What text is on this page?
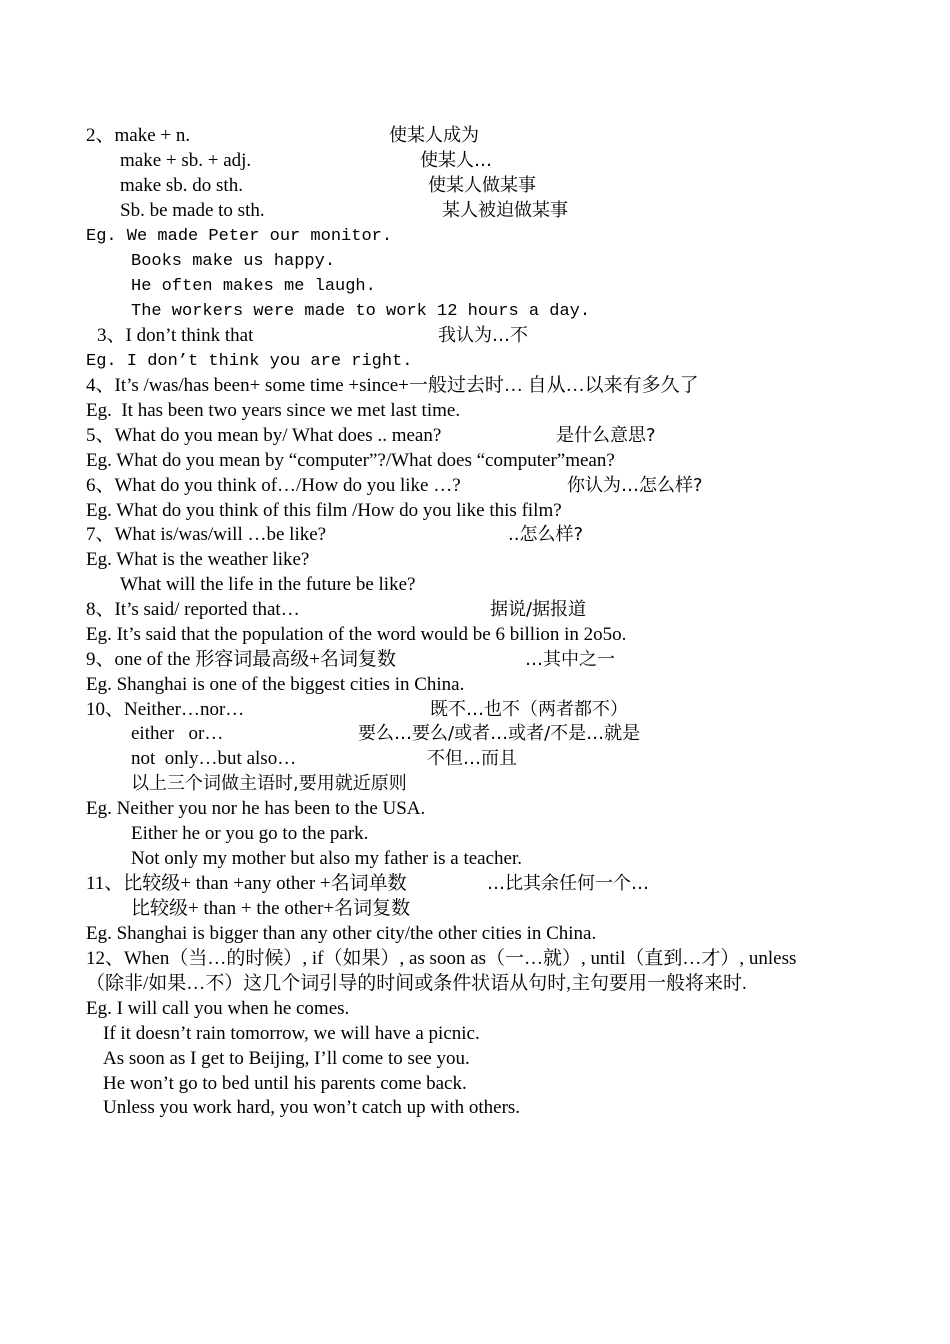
2、make + n.	使某人成为
make + sb. + adj.	使某人…
make sb. do sth.	使某人做某事
Sb. be made to sth.	某人被迫做某事
Eg. We made Peter our monitor.
Books make us happy.
He often makes me laugh.
The workers were made to work 12 hours a day.
3、I don’t think that	我认为…不
Eg. I don’t think you are right.
4、It’s /was/has been+ some time +since+一般过去时… 自从…以来有多久了
Eg.  It has been two years since we met last time.
5、What do you mean by/ What does .. mean?	是什么意思?
Eg. What do you mean by “computer”?/What does “computer”mean?
6、What do you think of…/How do you like …?	你认为…怎么样?
Eg. What do you think of this film /How do you like this film?
7、What is/was/will …be like?	..怎么样?
Eg. What is the weather like?
What will the life in the future be like?
8、It’s said/ reported that…	据说/据报道
Eg. It’s said that the population of the word would be 6 billion in 2o5o.
9、one of the 形容词最高级+名词复数	…其中之一
Eg. Shanghai is one of the biggest cities in China.
10、Neither…nor…	既不…也不（两者都不）
either   or…	要么…要么/或者…或者/不是…就是
not  only…but also…	不但…而且
以上三个词做主语时,要用就近原则
Eg. Neither you nor he has been to the USA.
Either he or you go to the park.
Not only my mother but also my father is a teacher.
11、比较级+ than +any other +名词单数	…比其余任何一个…
比较级+ than + the other+名词复数
Eg. Shanghai is bigger than any other city/the other cities in China.
12、When（当…的时候）, if（如果）, as soon as（一…就）, until（直到…才）, unless
（除非/如果…不）这几个词引导的时间或条件状语从句时,主句要用一般将来时.
Eg. I will call you when he comes.
If it doesn’t rain tomorrow, we will have a picnic.
As soon as I get to Beijing, I’ll come to see you.
He won’t go to bed until his parents come back.
Unless you work hard, you won’t catch up with others.
